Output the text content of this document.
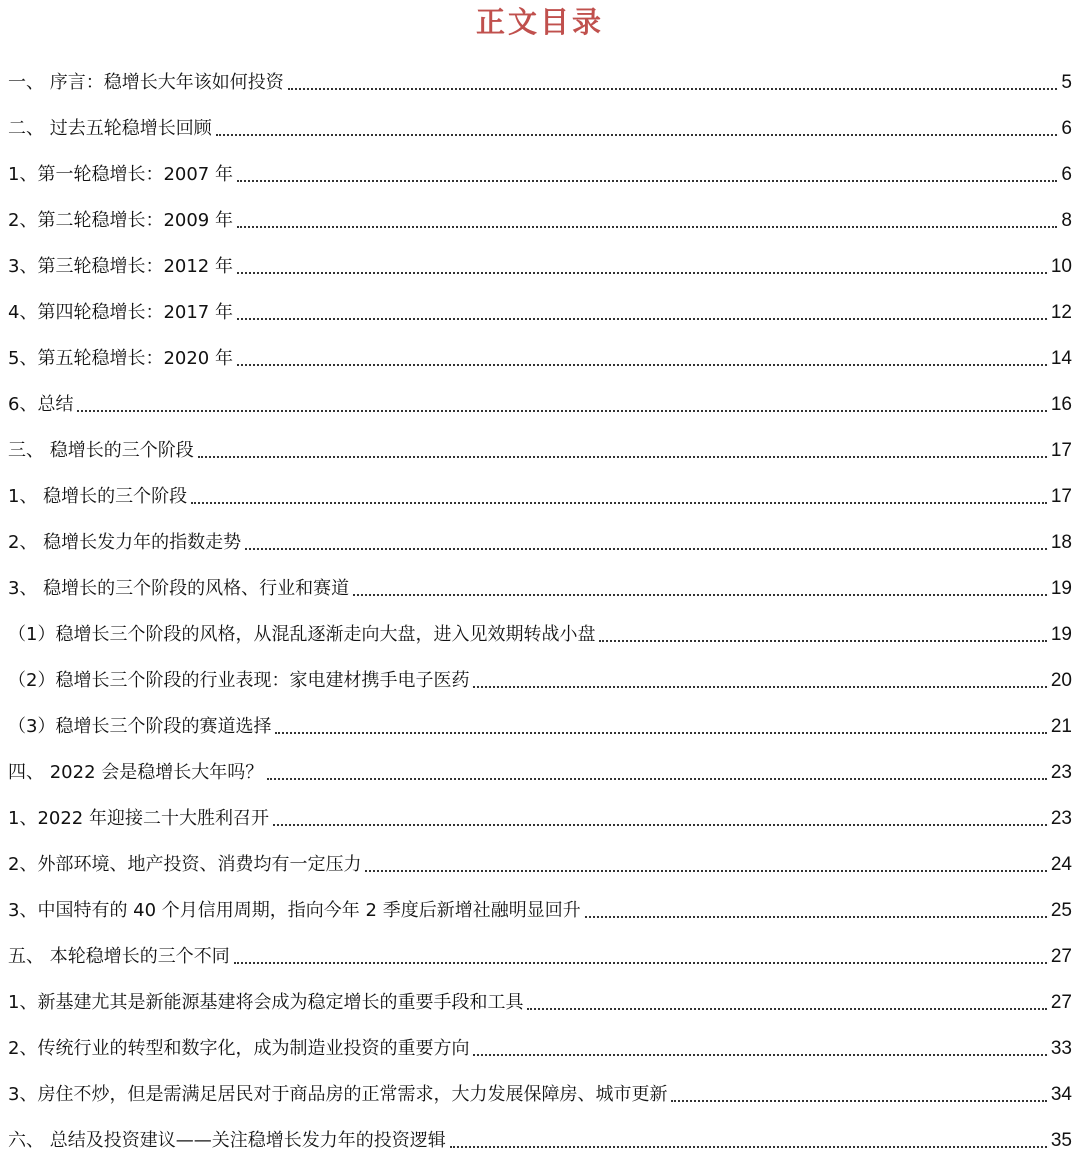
正文目录
一、 序言：稳增长大年该如何投资	5
二、 过去五轮稳增长回顾	6
1、第一轮稳增长：2007 年	6
2、第二轮稳增长：2009 年	8
3、第三轮稳增长：2012 年	10
4、第四轮稳增长：2017 年	12
5、第五轮稳增长：2020 年	14
6、总结	16
三、 稳增长的三个阶段	17
1、 稳增长的三个阶段	17
2、 稳增长发力年的指数走势	18
3、 稳增长的三个阶段的风格、行业和赛道	19
（1）稳增长三个阶段的风格，从混乱逐渐走向大盘，进入见效期转战小盘	19
（2）稳增长三个阶段的行业表现：家电建材携手电子医药	20
（3）稳增长三个阶段的赛道选择	21
四、 2022 会是稳增长大年吗？	23
1、2022 年迎接二十大胜利召开	23
2、外部环境、地产投资、消费均有一定压力	24
3、中国特有的 40 个月信用周期，指向今年 2 季度后新增社融明显回升	25
五、 本轮稳增长的三个不同	27
1、新基建尤其是新能源基建将会成为稳定增长的重要手段和工具	27
2、传统行业的转型和数字化，成为制造业投资的重要方向	33
3、房住不炒，但是需满足居民对于商品房的正常需求，大力发展保障房、城市更新	34
六、 总结及投资建议——关注稳增长发力年的投资逻辑	35
